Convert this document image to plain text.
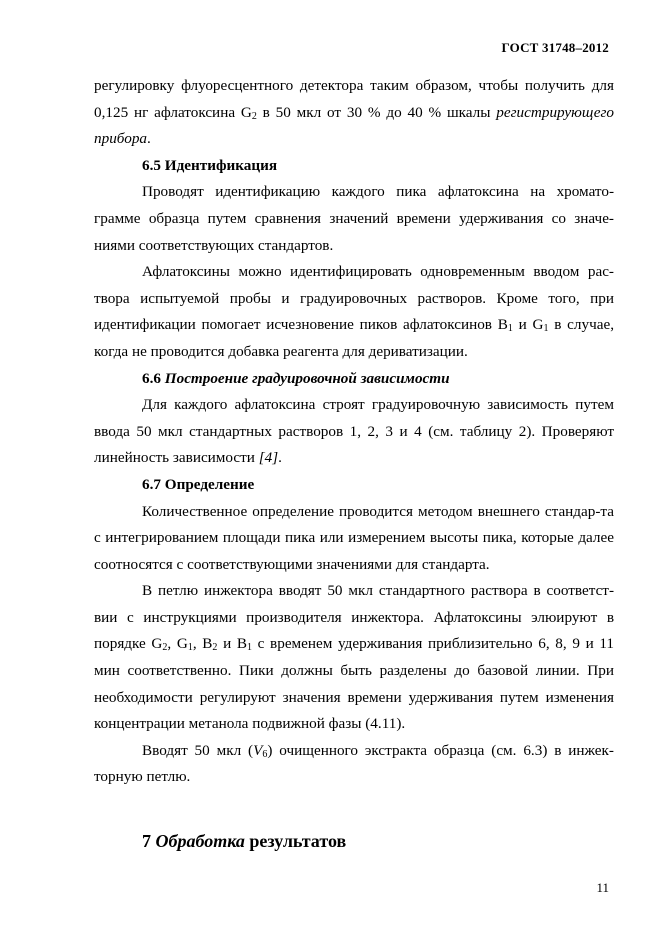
ГОСТ 31748–2012

регулировку флуоресцентного детектора таким образом, чтобы получить для 0,125 нг афлатоксина $G_2$ в 50 мкл от 30 % до 40 % шкалы регистрирующего прибора.

6.5 Идентификация

Проводят идентификацию каждого пика афлатоксина на хромато-грамме образца путем сравнения значений времени удерживания со значе-ниями соответствующих стандартов.

Афлатоксины можно идентифицировать одновременным вводом рас-твора испытуемой пробы и градуировочных растворов. Кроме того, при идентификации помогает исчезновение пиков афлатоксинов $B_1$ и $G_1$ в случае, когда не проводится добавка реагента для дериватизации.

6.6 Построение градуировочной зависимости

Для каждого афлатоксина строят градуировочную зависимость путем ввода 50 мкл стандартных растворов 1, 2, 3 и 4 (см. таблицу 2). Проверяют линейность зависимости [4].

6.7 Определение

Количественное определение проводится методом внешнего стандар-та с интегрированием площади пика или измерением высоты пика, которые далее соотносятся с соответствующими значениями для стандарта.

В петлю инжектора вводят 50 мкл стандартного раствора в соответст-вии с инструкциями производителя инжектора. Афлатоксины элюируют в порядке $G_2$, $G_1$, $B_2$ и $B_1$ с временем удерживания приблизительно 6, 8, 9 и 11 мин соответственно. Пики должны быть разделены до базовой линии. При необходимости регулируют значения времени удерживания путем изменения концентрации метанола подвижной фазы (4.11).

Вводят 50 мкл $(V_6)$ очищенного экстракта образца (см. 6.3) в инжек-торную петлю.

7 Обработка результатов
11
